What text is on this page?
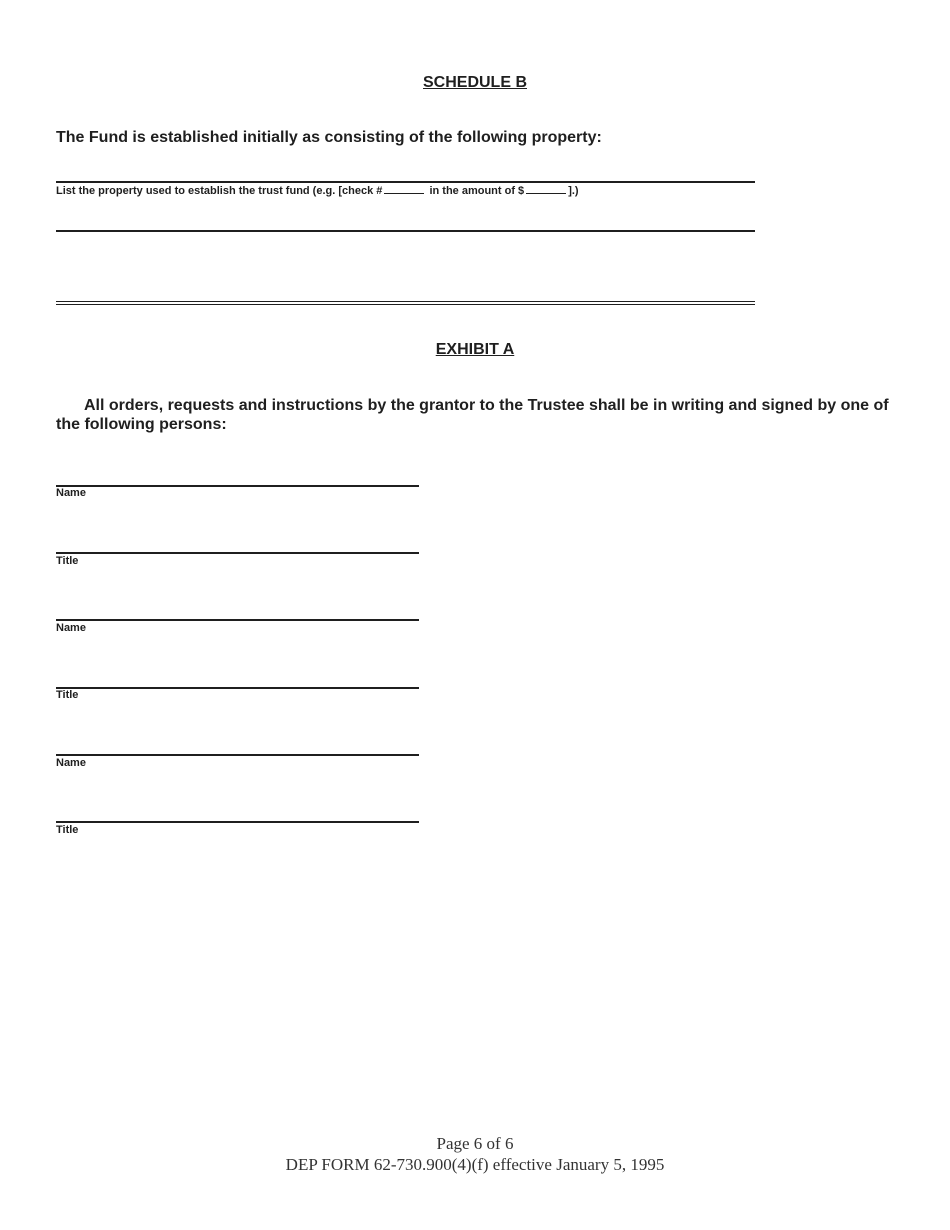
SCHEDULE B
The Fund is established initially as consisting of the following property:
List the property used to establish the trust fund (e.g. [check #	in the amount of $	].)
EXHIBIT A
All orders, requests and instructions by the grantor to the Trustee shall be in writing and signed by one of the following persons:
Name
Title
Name
Title
Name
Title
Page 6 of 6
DEP FORM 62-730.900(4)(f) effective January 5, 1995
